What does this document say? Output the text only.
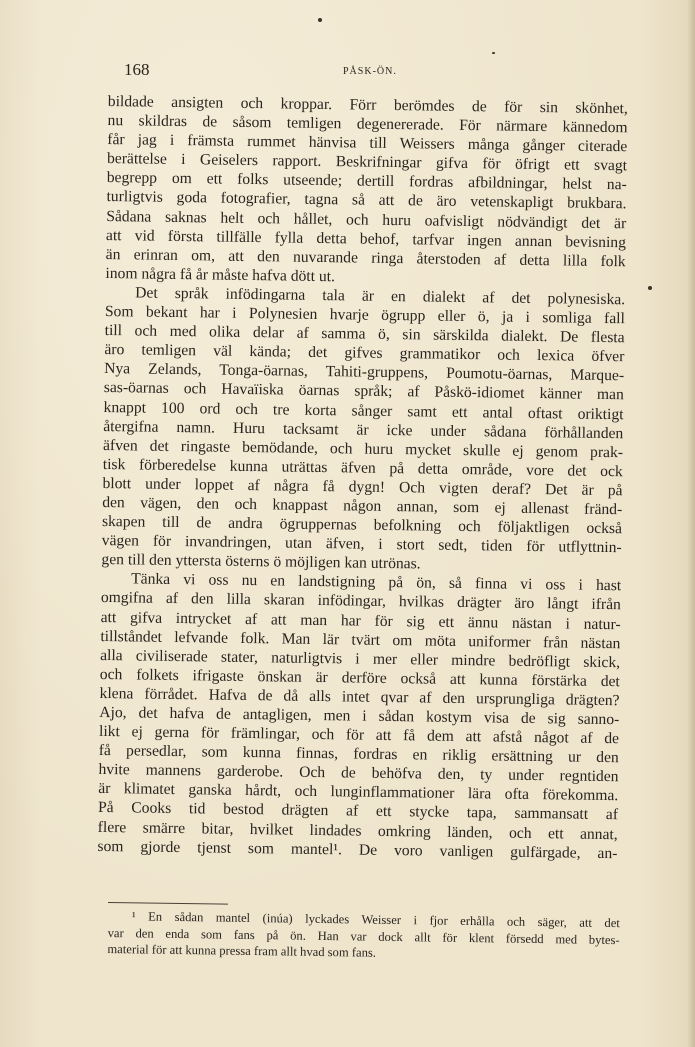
168	PÅSK-ÖN.
bildade ansigten och kroppar. Förr berömdes de för sin skönhet,
nu skildras de såsom temligen degenererade. För närmare kännedom
får jag i främsta rummet hänvisa till Weissers många gånger citerade
berättelse i Geiselers rapport. Beskrifningar gifva för öfrigt ett svagt
begrepp om ett folks utseende; dertill fordras afbildningar, helst na-
turligtvis goda fotografier, tagna så att de äro vetenskapligt brukbara.
Sådana saknas helt och hållet, och huru oafvisligt nödvändigt det är
att vid första tillfälle fylla detta behof, tarfvar ingen annan bevisning
än erinran om, att den nuvarande ringa återstoden af detta lilla folk
inom några få år måste hafva dött ut.
Det språk infödingarna tala är en dialekt af det polynesiska.
Som bekant har i Polynesien hvarje ögrupp eller ö, ja i somliga fall
till och med olika delar af samma ö, sin särskilda dialekt. De flesta
äro temligen väl kända; det gifves grammatikor och lexica öfver
Nya Zelands, Tonga-öarnas, Tahiti-gruppens, Poumotu-öarnas, Marque-
sas-öarnas och Havaïiska öarnas språk; af Påskö-idiomet känner man
knappt 100 ord och tre korta sånger samt ett antal oftast oriktigt
återgifna namn. Huru tacksamt är icke under sådana förhållanden
äfven det ringaste bemödande, och huru mycket skulle ej genom prak-
tisk förberedelse kunna uträttas äfven på detta område, vore det ock
blott under loppet af några få dygn! Och vigten deraf? Det är på
den vägen, den och knappast någon annan, som ej allenast fränd-
skapen till de andra ögruppernas befolkning och följaktligen också
vägen för invandringen, utan äfven, i stort sedt, tiden för utflyttnin-
gen till den yttersta österns ö möjligen kan utrönas.
Tänka vi oss nu en landstigning på ön, så finna vi oss i hast
omgifna af den lilla skaran infödingar, hvilkas drägter äro långt ifrån
att gifva intrycket af att man har för sig ett ännu nästan i natur-
tillståndet lefvande folk. Man lär tvärt om möta uniformer från nästan
alla civiliserade stater, naturligtvis i mer eller mindre bedröfligt skick,
och folkets ifrigaste önskan är derföre också att kunna förstärka det
klena förrådet. Hafva de då alls intet qvar af den ursprungliga drägten?
Ajo, det hafva de antagligen, men i sådan kostym visa de sig sanno-
likt ej gerna för främlingar, och för att få dem att afstå något af de
få persedlar, som kunna finnas, fordras en riklig ersättning ur den
hvite mannens garderobe. Och de behöfva den, ty under regntiden
är klimatet ganska hårdt, och lunginflammationer lära ofta förekomma.
På Cooks tid bestod drägten af ett stycke tapa, sammansatt af
flere smärre bitar, hvilket lindades omkring länden, och ett annat,
som gjorde tjenst som mantel¹. De voro vanligen gulfärgade, an-
¹ En sådan mantel (inúa) lyckades Weisser i fjor erhålla och säger, att det
var den enda som fans på ön. Han var dock allt för klent försedd med bytes-
material för att kunna pressa fram allt hvad som fans.
